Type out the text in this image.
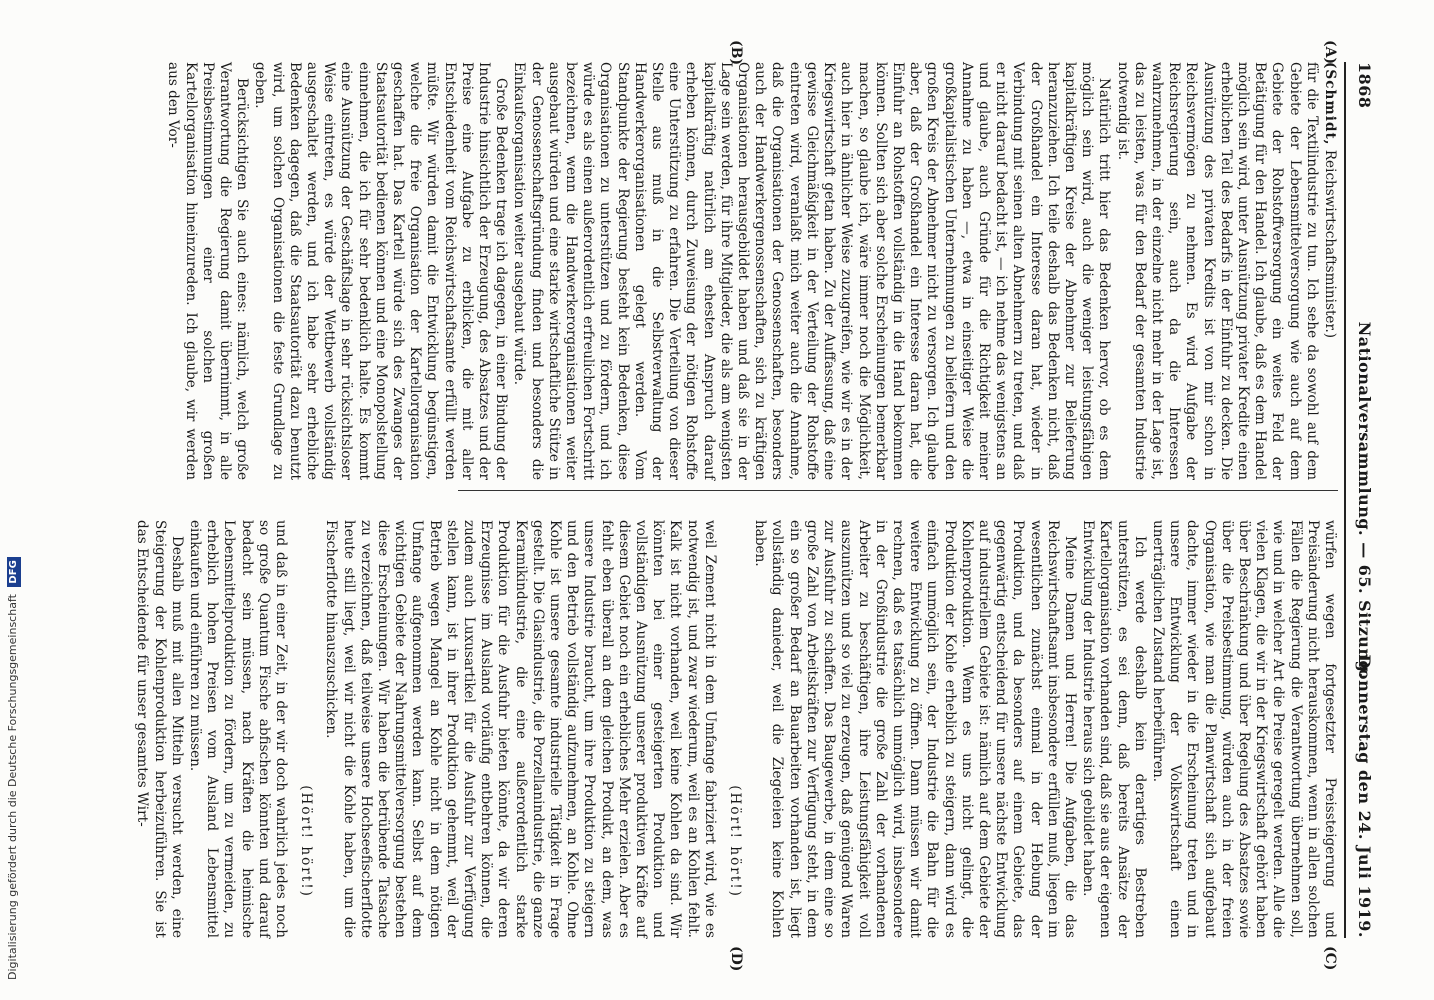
1868
Nationalversammlung. — 65. Sitzung.
Donnerstag den 24. Juli 1919.
(A)
(B)
(C)
(D)

(Schmidt, Reichswirtschaftsminister.)

für die Textilindustrie zu tun. Ich sehe da sowohl auf dem Gebiete der Lebensmittelversorgung wie auch auf dem Gebiete der Rohstoffversorgung ein weites Feld der Betätigung für den Handel. Ich glaube, daß es dem Handel möglich sein wird, unter Ausnützung privater Kredite einen erheblichen Teil des Bedarfs in der Einfuhr zu decken. Die Ausnützung des privaten Kredits ist von mir schon in Reichsvermögen zu nehmen. Es wird Aufgabe der Reichsregierung sein, auch da die Interessen wahrzunehmen, in der einzelne nicht mehr in der Lage ist, das zu leisten, was für den Bedarf der gesamten Industrie notwendig ist.

Natürlich tritt hier das Bedenken hervor, ob es dem möglich sein wird, auch die weniger leistungsfähigen kapitalkräftigen Kreise der Abnehmer zur Belieferung heranzuziehen. Ich teile deshalb das Bedenken nicht, daß der Großhandel ein Interesse daran hat, wieder in Verbindung mit seinen alten Abnehmern zu treten, und daß er nicht darauf bedacht ist, — ich nehme das wenigstens an und glaube, auch Gründe für die Richtigkeit meiner Annahme zu haben —, etwa in einseitiger Weise die großkapitalistischen Unternehmungen zu beliefern und den großen Kreis der Abnehmer nicht zu versorgen. Ich glaube aber, daß der Großhandel ein Interesse daran hat, die Einfuhr an Rohstoffen vollständig in die Hand bekommen können. Sollten sich aber solche Erscheinungen bemerkbar machen, so glaube ich, wäre immer noch die Möglichkeit, auch hier in ähnlicher Weise zuzugreifen, wie wir es in der Kriegswirtschaft getan haben. Zu der Auffassung, daß eine gewisse Gleichmäßigkeit in der Verteilung der Rohstoffe eintreten wird, veranlaßt mich weiter auch die Annahme, daß die Organisationen der Genossenschaften, besonders auch der Handwerkergenossenschaften, sich zu kräftigen Organisationen herausgebildet haben und daß sie in der Lage sein werden, für ihre Mitglieder, die als am wenigsten kapitalkräftig natürlich am ehesten Anspruch darauf erheben können, durch Zuweisung der nötigen Rohstoffe eine Unterstützung zu erfahren. Die Verteilung von dieser Stelle aus muß in die Selbstverwaltung der Handwerkerorganisationen gelegt werden. Vom Standpunkte der Regierung besteht kein Bedenken, diese Organisationen zu unterstützen und zu fördern, und ich würde es als einen außerordentlich erfreulichen Fortschritt bezeichnen, wenn die Handwerkerorganisationen weiter ausgebaut würden und eine starke wirtschaftliche Stütze in der Genossenschaftsgründung finden und besonders die Einkaufsorganisation weiter ausgebaut würde.

Große Bedenken trage ich dagegen, in einer Bindung der Industrie hinsichtlich der Erzeugung, des Absatzes und der Preise eine Aufgabe zu erblicken, die mit aller Entschiedenheit vom Reichswirtschaftsamte erfüllt werden müßte. Wir würden damit die Entwicklung begünstigen, welche die freie Organisation der Kartellorganisation geschaffen hat. Das Kartell würde sich des Zwanges der Staatsautorität bedienen können und eine Monopolstellung einnehmen, die ich für sehr bedenklich halte. Es kommt eine Ausnützung der Geschäftslage in sehr rücksichtsloser Weise eintreten, es würde der Wettbewerb vollständig ausgeschaltet werden, und ich habe sehr erhebliche Bedenken dagegen, daß die Staatsautorität dazu benutzt wird, um solchen Organisationen die feste Grundlage zu geben.

Berücksichtigen Sie auch eines: nämlich, welch große Verantwortung die Regierung damit übernimmt, in alle Preisbestimmungen einer solchen großen Kartellorganisation hineinzureden. Ich glaube, wir werden aus den Vor-

würfen wegen fortgesetzter Preissteigerung und Preisänderung nicht herauskommen, wenn in allen solchen Fällen die Regierung die Verantwortung übernehmen soll, wie und in welcher Art die Preise geregelt werden. Alle die vielen Klagen, die wir in der Kriegswirtschaft gehört haben über Beschränkung und über Regelung des Absatzes sowie über die Preisbestimmung, würden auch in der freien Organisation, wie man die Planwirtschaft sich aufgebaut dachte, immer wieder in die Erscheinung treten und in unsere Entwicklung der Volkswirtschaft einen unerträglichen Zustand herbeiführen.

Ich werde deshalb kein derartiges Bestreben unterstützen, es sei denn, daß bereits Ansätze der Kartellorganisation vorhanden sind, daß sie aus der eigenen Entwicklung der Industrie heraus sich gebildet haben.

Meine Damen und Herren! Die Aufgaben, die das Reichswirtschaftsamt insbesondere erfüllen muß, liegen im wesentlichen zunächst einmal in der Hebung der Produktion, und da besonders auf einem Gebiete, das gegenwärtig entscheidend für unsere nächste Entwicklung auf industriellem Gebiete ist: nämlich auf dem Gebiete der Kohlenproduktion. Wenn es uns nicht gelingt, die Produktion der Kohle erheblich zu steigern, dann wird es einfach unmöglich sein, der Industrie die Bahn für die weitere Entwicklung zu öffnen. Dann müssen wir damit rechnen, daß es tatsächlich unmöglich wird, insbesondere in der Großindustrie die große Zahl der vorhandenen Arbeiter zu beschäftigen, ihre Leistungsfähigkeit voll auszunützen und so viel zu erzeugen, daß genügend Waren zur Ausfuhr zu schaffen. Das Baugewerbe, in dem eine so große Zahl von Arbeitskräften zur Verfügung steht, in dem ein so großer Bedarf an Bauarbeiten vorhanden ist, liegt vollständig danieder, weil die Ziegeleien keine Kohlen haben.

(Hört! hört!)

weil Zement nicht in dem Umfange fabriziert wird, wie es notwendig ist, und zwar wiederum, weil es an Kohlen fehlt. Kalk ist nicht vorhanden, weil keine Kohlen da sind. Wir könnten bei einer gesteigerten Produktion und vollständigen Ausnützung unserer produktiven Kräfte auf diesem Gebiet noch ein erhebliches Mehr erzielen. Aber es fehlt eben überall an dem gleichen Produkt, an dem, was unsere Industrie braucht, um ihre Produktion zu steigern und den Betrieb vollständig aufzunehmen, an Kohle. Ohne Kohle ist unsere gesamte industrielle Tätigkeit in Frage gestellt. Die Glasindustrie, die Porzellanindustrie, die ganze Keramikindustrie, die eine außerordentlich starke Produktion für die Ausfuhr bieten könnte, da wir deren Erzeugnisse im Ausland vorläufig entbehren können, die zudem auch Luxusartikel für die Ausfuhr zur Verfügung stellen kann, ist in ihrer Produktion gehemmt, weil der Betrieb wegen Mangel an Kohle nicht in dem nötigen Umfange aufgenommen werden kann. Selbst auf dem wichtigen Gebiete der Nahrungsmittelversorgung bestehen diese Erscheinungen. Wir haben die betrübende Tatsache zu verzeichnen, daß teilweise unsere Hochseefischerflotte heute still liegt, weil wir nicht die Kohle haben, um die Fischerflotte hinauszuschicken.

(Hört! hört!)

und daß in einer Zeit, in der wir doch wahrlich jedes noch so große Quantum Fische abfischen könnten und darauf bedacht sein müssen, nach Kräften die heimische Lebensmittelproduktion zu fördern, um zu vermeiden, zu erheblich hohen Preisen vom Ausland Lebensmittel einkaufen und einführen zu müssen.

Deshalb muß mit allen Mitteln versucht werden, eine Steigerung der Kohlenproduktion herbeizuführen. Sie ist das Entscheidende für unser gesamtes Wirt-

Digitalisierung gefördert durch die Deutsche Forschungsgemeinschaft DFG
